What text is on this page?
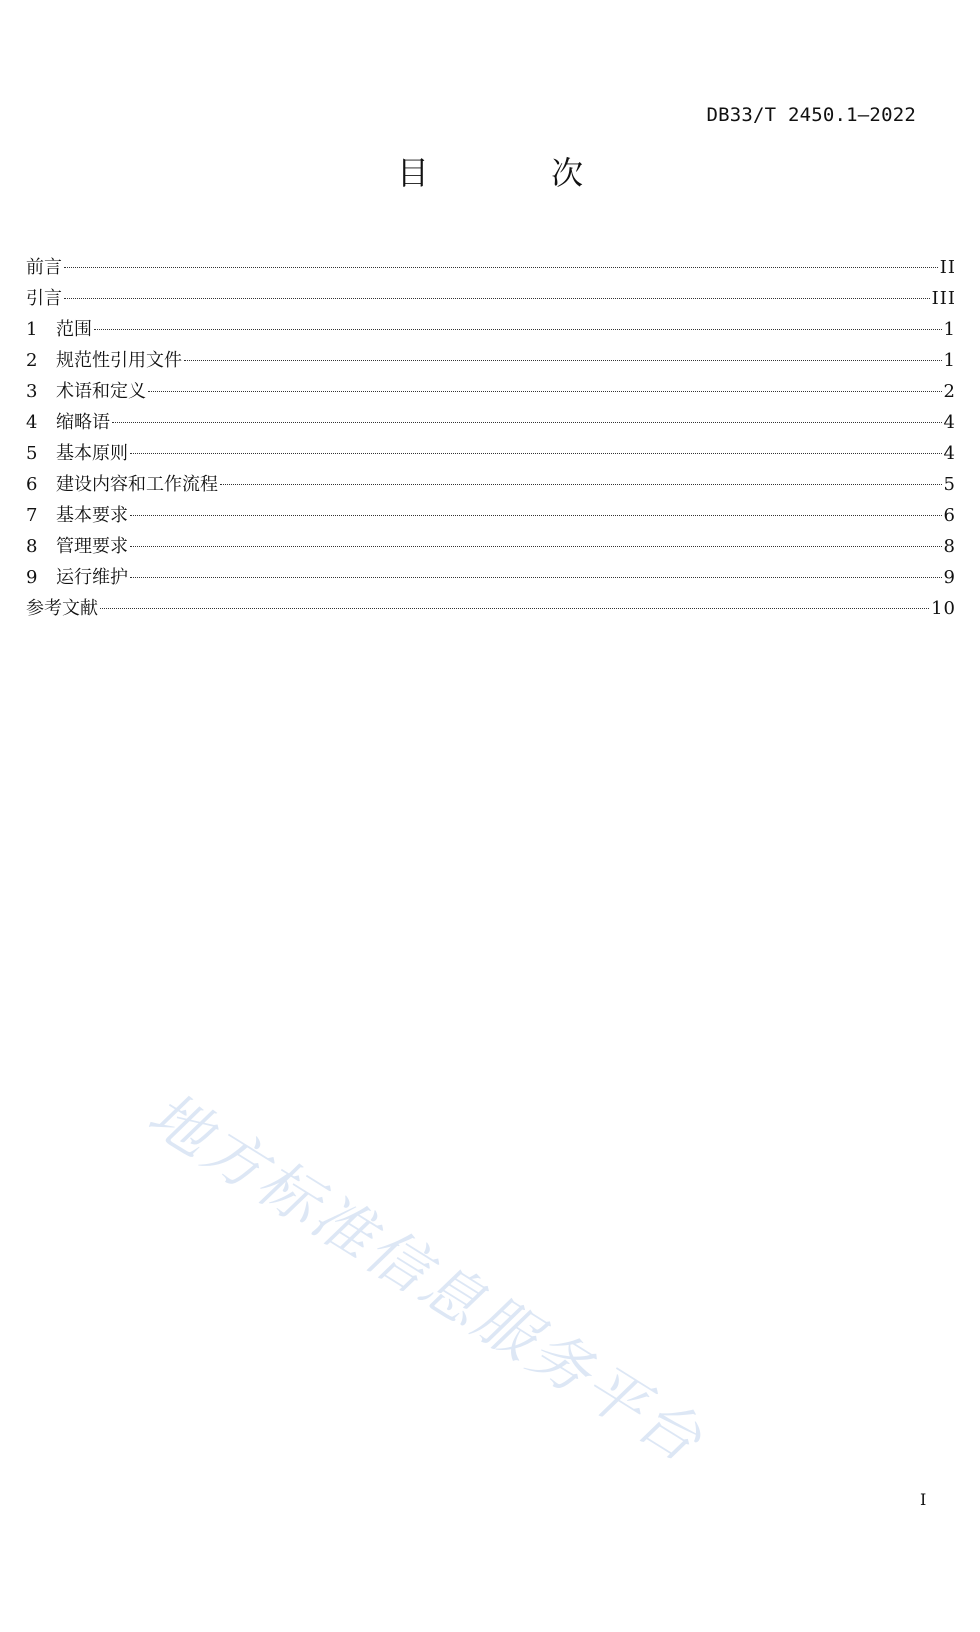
DB33/T 2450.1—2022
目 次
前言	II
引言	III
1	范围	1
2	规范性引用文件	1
3	术语和定义	2
4	缩略语	4
5	基本原则	4
6	建设内容和工作流程	5
7	基本要求	6
8	管理要求	8
9	运行维护	9
参考文献	10
地方标准信息服务平台
I
